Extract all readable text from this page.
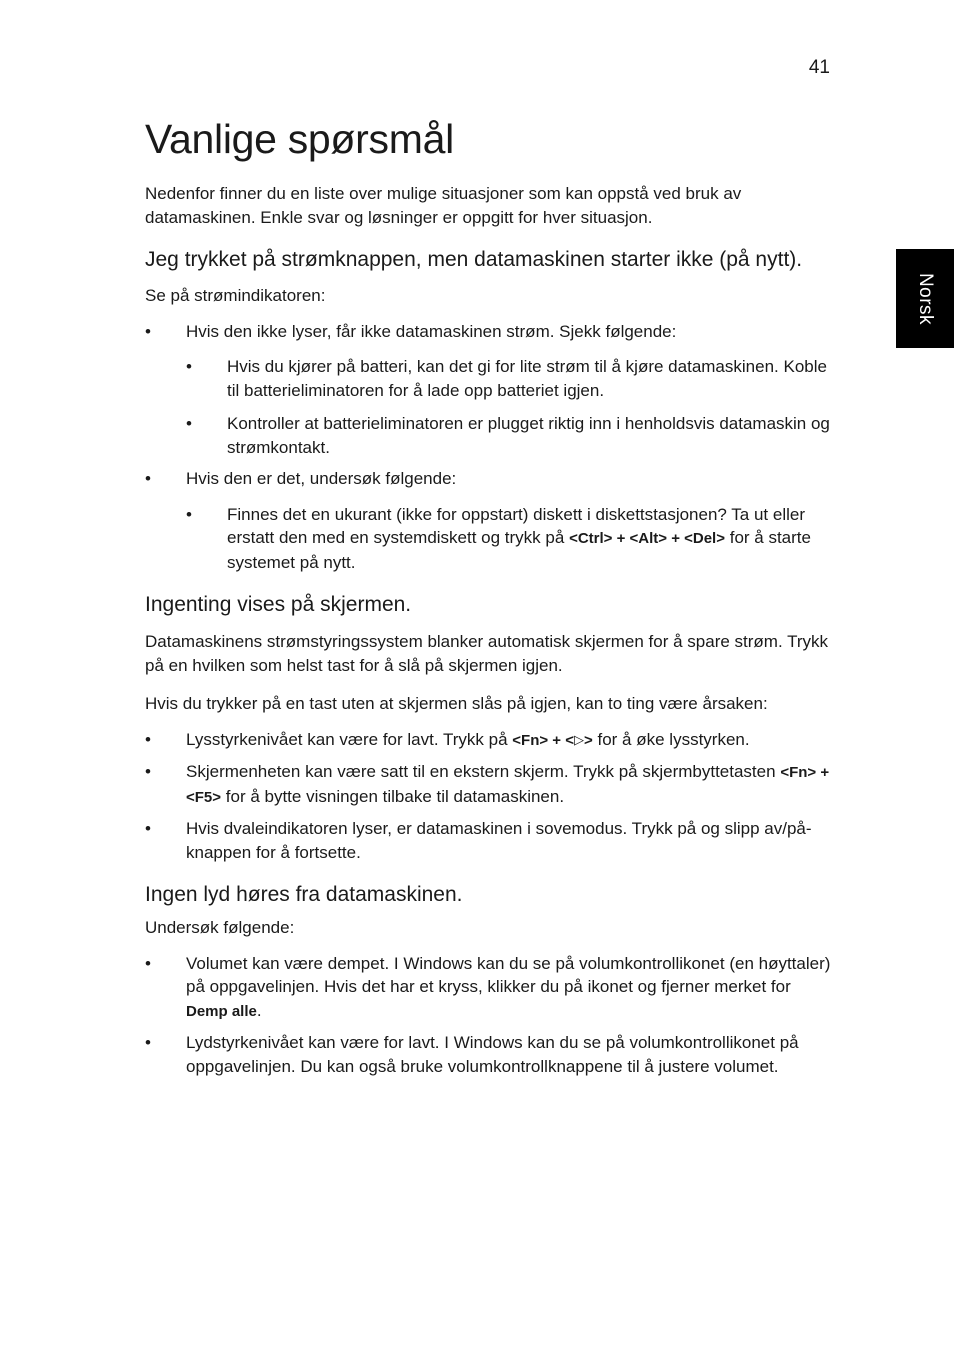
41
Norsk
Vanlige spørsmål

Nedenfor finner du en liste over mulige situasjoner som kan oppstå ved bruk av datamaskinen. Enkle svar og løsninger er oppgitt for hver situasjon.

Jeg trykket på strømknappen, men datamaskinen starter ikke (på nytt).

Se på strømindikatoren:

• Hvis den ikke lyser, får ikke datamaskinen strøm. Sjekk følgende:
• Hvis du kjører på batteri, kan det gi for lite strøm til å kjøre datamaskinen. Koble til batterieliminatoren for å lade opp batteriet igjen.
• Kontroller at batterieliminatoren er plugget riktig inn i henholdsvis datamaskin og strømkontakt.
• Hvis den er det, undersøk følgende:
• Finnes det en ukurant (ikke for oppstart) diskett i diskettstasjonen? Ta ut eller erstatt den med en systemdiskett og trykk på <Ctrl> + <Alt> + <Del> for å starte systemet på nytt.
Ingenting vises på skjermen.

Datamaskinens strømstyringssystem blanker automatisk skjermen for å spare strøm. Trykk på en hvilken som helst tast for å slå på skjermen igjen.

Hvis du trykker på en tast uten at skjermen slås på igjen, kan to ting være årsaken:

• Lysstyrkenivået kan være for lavt. Trykk på <Fn> + <▷> for å øke lysstyrken.
• Skjermenheten kan være satt til en ekstern skjerm. Trykk på skjermbyttetasten <Fn> + <F5> for å bytte visningen tilbake til datamaskinen.
• Hvis dvaleindikatoren lyser, er datamaskinen i sovemodus. Trykk på og slipp av/på-knappen for å fortsette.
Ingen lyd høres fra datamaskinen.

Undersøk følgende:

• Volumet kan være dempet. I Windows kan du se på volumkontrollikonet (en høyttaler) på oppgavelinjen. Hvis det har et kryss, klikker du på ikonet og fjerner merket for Demp alle.
• Lydstyrkenivået kan være for lavt. I Windows kan du se på volumkontrollikonet på oppgavelinjen. Du kan også bruke volumkontrollknappene til å justere volumet.
